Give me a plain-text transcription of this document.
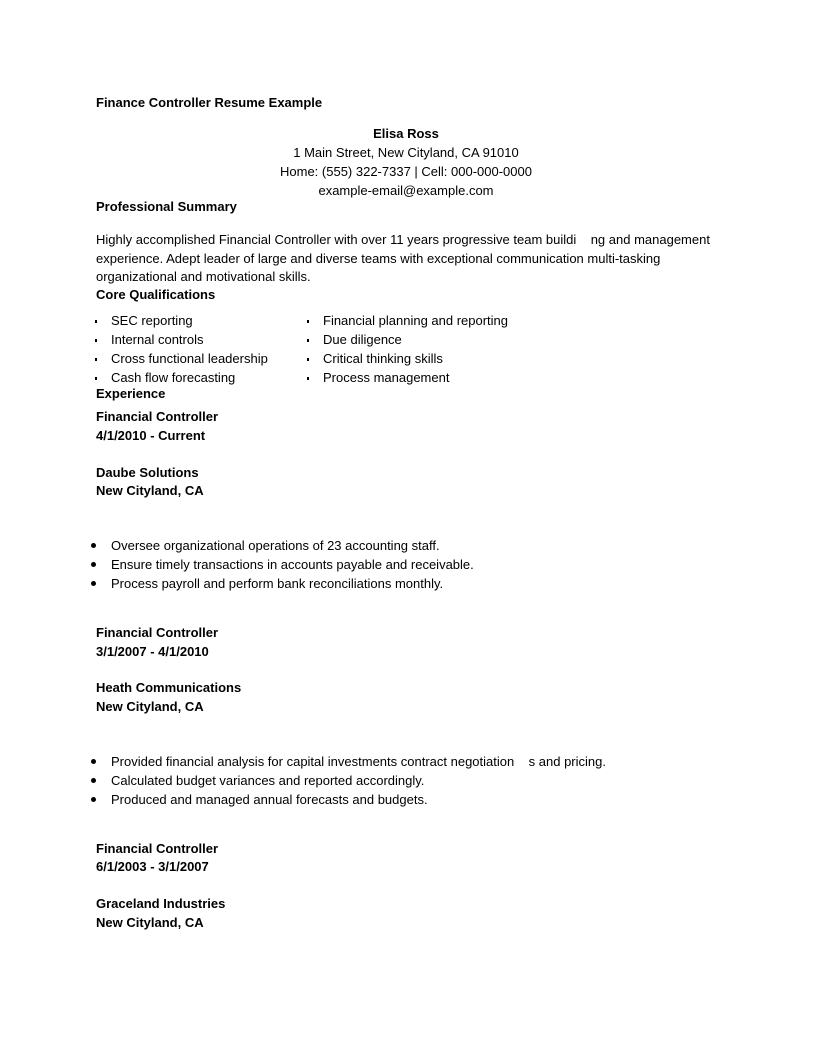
Finance Controller Resume Example
Elisa Ross
1 Main Street, New Cityland, CA 91010
Home: (555) 322-7337 | Cell: 000-000-0000
example-email@example.com
Professional Summary
Highly accomplished Financial Controller with over 11 years progressive team buildi    ng and management
experience. Adept leader of large and diverse teams with exceptional communication multi-tasking
organizational and motivational skills.
Core Qualifications
SEC reporting
Internal controls
Cross functional leadership
Cash flow forecasting
Financial planning and reporting
Due diligence
Critical thinking skills
Process management
Experience
Financial Controller
4/1/2010 - Current
Daube Solutions
New Cityland, CA
Oversee organizational operations of 23 accounting staff.
Ensure timely transactions in accounts payable and receivable.
Process payroll and perform bank reconciliations monthly.
Financial Controller
3/1/2007 - 4/1/2010
Heath Communications
New Cityland, CA
Provided financial analysis for capital investments contract negotiation    s and pricing.
Calculated budget variances and reported accordingly.
Produced and managed annual forecasts and budgets.
Financial Controller
6/1/2003 - 3/1/2007
Graceland Industries
New Cityland, CA
